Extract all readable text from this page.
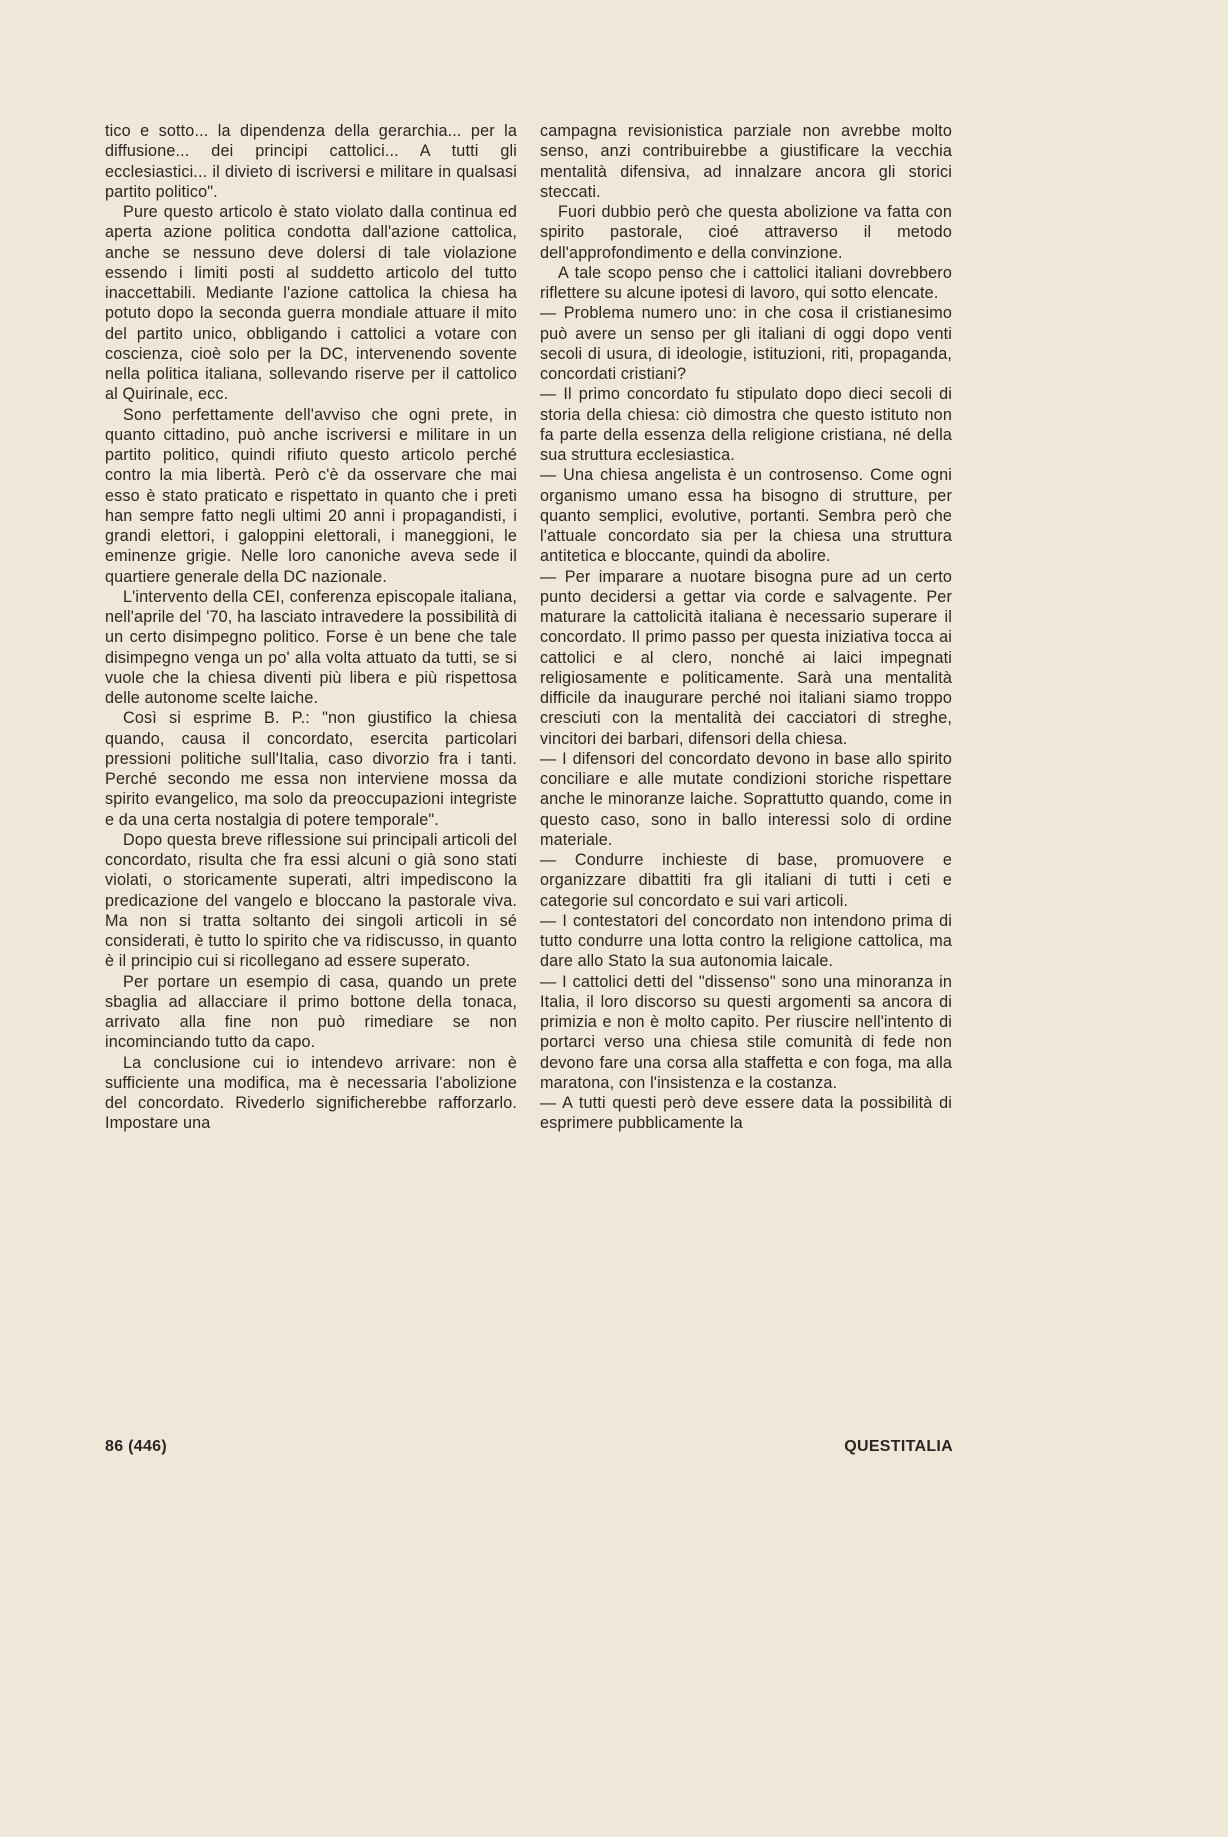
tico e sotto... la dipendenza della gerarchia... per la diffusione... dei principi cattolici... A tutti gli ecclesiastici... il divieto di iscriversi e militare in qualsasi partito politico".

Pure questo articolo è stato violato dalla continua ed aperta azione politica condotta dall'azione cattolica, anche se nessuno deve dolersi di tale violazione essendo i limiti posti al suddetto articolo del tutto inaccettabili. Mediante l'azione cattolica la chiesa ha potuto dopo la seconda guerra mondiale attuare il mito del partito unico, obbligando i cattolici a votare con coscienza, cioè solo per la DC, intervenendo sovente nella politica italiana, sollevando riserve per il cattolico al Quirinale, ecc.

Sono perfettamente dell'avviso che ogni prete, in quanto cittadino, può anche iscriversi e militare in un partito politico, quindi rifiuto questo articolo perché contro la mia libertà. Però c'è da osservare che mai esso è stato praticato e rispettato in quanto che i preti han sempre fatto negli ultimi 20 anni i propagandisti, i grandi elettori, i galoppini elettorali, i maneggioni, le eminenze grigie. Nelle loro canoniche aveva sede il quartiere generale della DC nazionale.

L'intervento della CEI, conferenza episcopale italiana, nell'aprile del '70, ha lasciato intravedere la possibilità di un certo disimpegno politico. Forse è un bene che tale disimpegno venga un po' alla volta attuato da tutti, se si vuole che la chiesa diventi più libera e più rispettosa delle autonome scelte laiche.

Così si esprime B. P.: "non giustifico la chiesa quando, causa il concordato, esercita particolari pressioni politiche sull'Italia, caso divorzio fra i tanti. Perché secondo me essa non interviene mossa da spirito evangelico, ma solo da preoccupazioni integriste e da una certa nostalgia di potere temporale".

Dopo questa breve riflessione sui principali articoli del concordato, risulta che fra essi alcuni o già sono stati violati, o storicamente superati, altri impediscono la predicazione del vangelo e bloccano la pastorale viva. Ma non si tratta soltanto dei singoli articoli in sé considerati, è tutto lo spirito che va ridiscusso, in quanto è il principio cui si ricollegano ad essere superato.

Per portare un esempio di casa, quando un prete sbaglia ad allacciare il primo bottone della tonaca, arrivato alla fine non può rimediare se non incominciando tutto da capo.

La conclusione cui io intendevo arrivare: non è sufficiente una modifica, ma è necessaria l'abolizione del concordato. Rivederlo significherebbe rafforzarlo. Impostare una

campagna revisionistica parziale non avrebbe molto senso, anzi contribuirebbe a giustificare la vecchia mentalità difensiva, ad innalzare ancora gli storici steccati.

Fuori dubbio però che questa abolizione va fatta con spirito pastorale, cioé attraverso il metodo dell'approfondimento e della convinzione.

A tale scopo penso che i cattolici italiani dovrebbero riflettere su alcune ipotesi di lavoro, qui sotto elencate.

— Problema numero uno: in che cosa il cristianesimo può avere un senso per gli italiani di oggi dopo venti secoli di usura, di ideologie, istituzioni, riti, propaganda, concordati cristiani?

— Il primo concordato fu stipulato dopo dieci secoli di storia della chiesa: ciò dimostra che questo istituto non fa parte della essenza della religione cristiana, né della sua struttura ecclesiastica.

— Una chiesa angelista è un controsenso. Come ogni organismo umano essa ha bisogno di strutture, per quanto semplici, evolutive, portanti. Sembra però che l'attuale concordato sia per la chiesa una struttura antitetica e bloccante, quindi da abolire.

— Per imparare a nuotare bisogna pure ad un certo punto decidersi a gettar via corde e salvagente. Per maturare la cattolicità italiana è necessario superare il concordato. Il primo passo per questa iniziativa tocca ai cattolici e al clero, nonché ai laici impegnati religiosamente e politicamente. Sarà una mentalità difficile da inaugurare perché noi italiani siamo troppo cresciuti con la mentalità dei cacciatori di streghe, vincitori dei barbari, difensori della chiesa.

— I difensori del concordato devono in base allo spirito conciliare e alle mutate condizioni storiche rispettare anche le minoranze laiche. Soprattutto quando, come in questo caso, sono in ballo interessi solo di ordine materiale.

— Condurre inchieste di base, promuovere e organizzare dibattiti fra gli italiani di tutti i ceti e categorie sul concordato e sui vari articoli.

— I contestatori del concordato non intendono prima di tutto condurre una lotta contro la religione cattolica, ma dare allo Stato la sua autonomia laicale.

— I cattolici detti del "dissenso" sono una minoranza in Italia, il loro discorso su questi argomenti sa ancora di primizia e non è molto capito. Per riuscire nell'intento di portarci verso una chiesa stile comunità di fede non devono fare una corsa alla staffetta e con foga, ma alla maratona, con l'insistenza e la costanza.

— A tutti questi però deve essere data la possibilità di esprimere pubblicamente la

86 (446)	QUESTITALIA
